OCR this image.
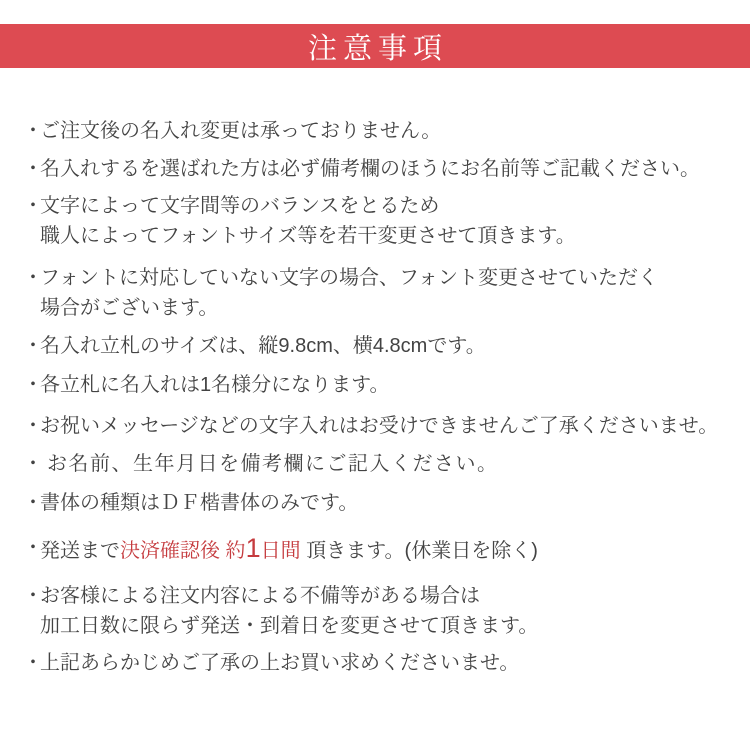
注意事項
・
ご注文後の名入れ変更は承っておりません。
・
名入れするを選ばれた方は必ず備考欄のほうにお名前等ご記載ください。
・
文字によって文字間等のバランスをとるため
職人によってフォントサイズ等を若干変更させて頂きます。
・
フォントに対応していない文字の場合、フォント変更させていただく
場合がございます。
・
名入れ立札のサイズは、縦9.8cm、横4.8cmです。
・
各立札に名入れは1名様分になります。
・
お祝いメッセージなどの文字入れはお受けできませんご了承くださいませ。
・ お名前、生年月日を備考欄にご記入ください。
・
書体の種類はＤＦ楷書体のみです。
・
発送まで決済確認後 約1日間 頂きます。(休業日を除く)
・
お客様による注文内容による不備等がある場合は
加工日数に限らず発送・到着日を変更させて頂きます。
・
上記あらかじめご了承の上お買い求めくださいませ。
